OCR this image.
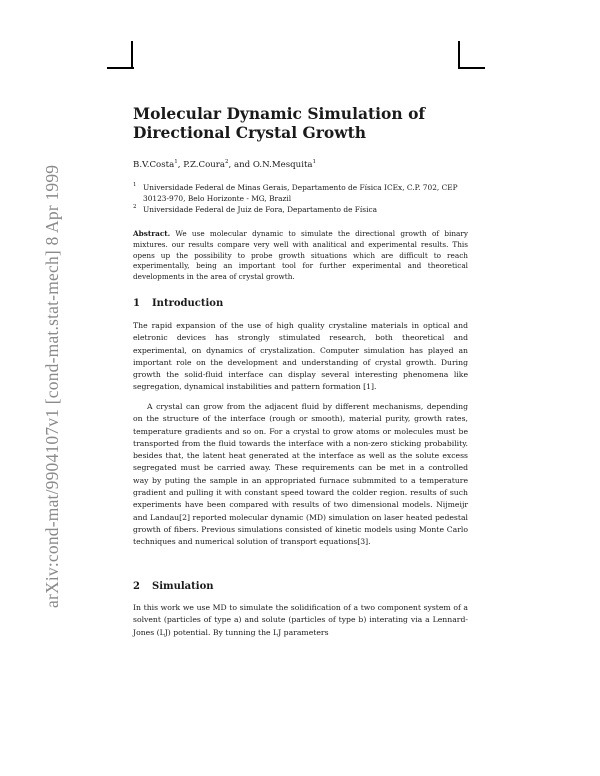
arXiv:cond-mat/9904107v1 [cond-mat.stat-mech] 8 Apr 1999
Molecular Dynamic Simulation of Directional Crystal Growth
B.V.Costa$^1$, P.Z.Coura$^2$, and O.N.Mesquita$^1$
1 Universidade Federal de Minas Gerais, Departamento de Física ICEx, C.P. 702, CEP 30123-970, Belo Horizonte - MG, Brazil
2 Universidade Federal de Juiz de Fora, Departamento de Física
Abstract. We use molecular dynamic to simulate the directional growth of binary mixtures. our results compare very well with analitical and experimental results. This opens up the possibility to probe growth situations which are difficult to reach experimentally, being an important tool for further experimental and theoretical developments in the area of crystal growth.
1 Introduction

The rapid expansion of the use of high quality crystaline materials in optical and eletronic devices has strongly stimulated research, both theoretical and experimental, on dynamics of crystalization. Computer simulation has played an important role on the development and understanding of crystal growth. During growth the solid-fluid interface can display several interesting phenomena like segregation, dynamical instabilities and pattern formation [1].

A crystal can grow from the adjacent fluid by different mechanisms, depending on the structure of the interface (rough or smooth), material purity, growth rates, temperature gradients and so on. For a crystal to grow atoms or molecules must be transported from the fluid towards the interface with a non-zero sticking probability. besides that, the latent heat generated at the interface as well as the solute excess segregated must be carried away. These requirements can be met in a controlled way by puting the sample in an appropriated furnace submmited to a temperature gradient and pulling it with constant speed toward the colder region. results of such experiments have been compared with results of two dimensional models. Nijmeijr and Landau[2] reported molecular dynamic (MD) simulation on laser heated pedestal growth of fibers. Previous simulations consisted of kinetic models using Monte Carlo techniques and numerical solution of transport equations[3].

2 Simulation

In this work we use MD to simulate the solidification of a two component system of a solvent (particles of type a) and solute (particles of type b) interating via a Lennard-Jones (LJ) potential. By tunning the LJ parameters
